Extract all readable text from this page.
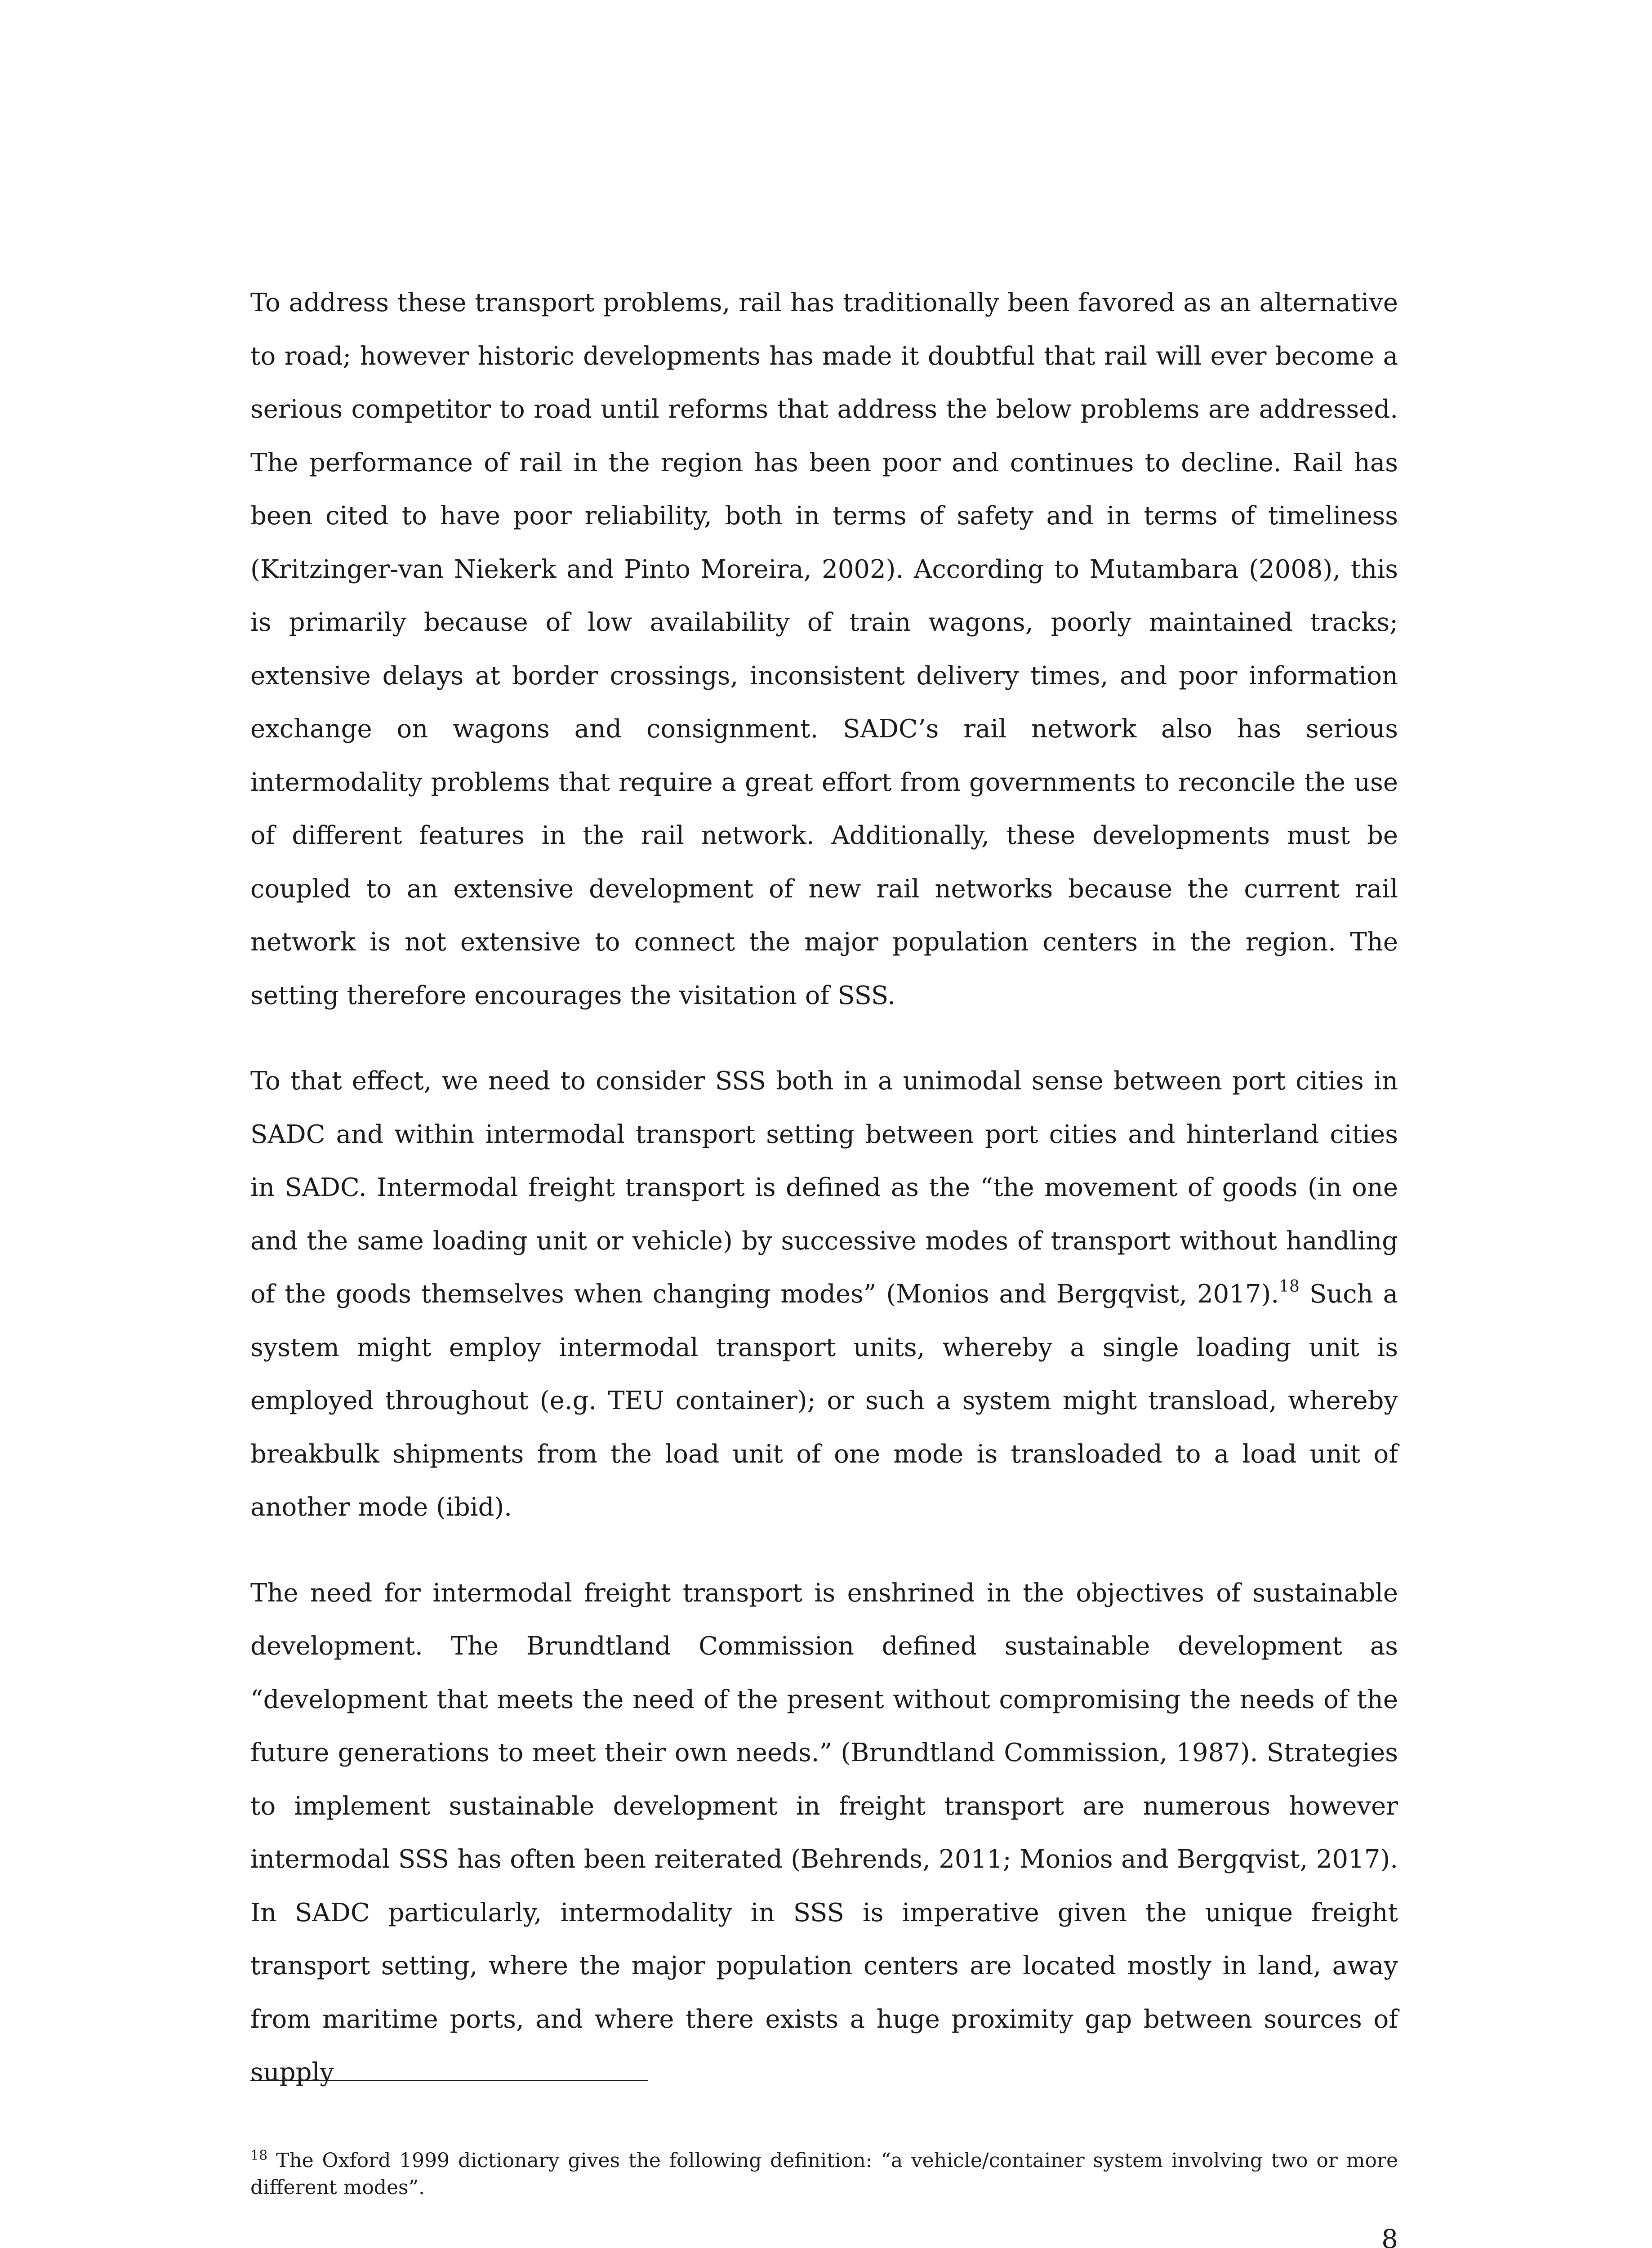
To address these transport problems, rail has traditionally been favored as an alternative to road; however historic developments has made it doubtful that rail will ever become a serious competitor to road until reforms that address the below problems are addressed. The performance of rail in the region has been poor and continues to decline. Rail has been cited to have poor reliability, both in terms of safety and in terms of timeliness (Kritzinger-van Niekerk and Pinto Moreira, 2002). According to Mutambara (2008), this is primarily because of low availability of train wagons, poorly maintained tracks; extensive delays at border crossings, inconsistent delivery times, and poor information exchange on wagons and consignment. SADC’s rail network also has serious intermodality problems that require a great effort from governments to reconcile the use of different features in the rail network. Additionally, these developments must be coupled to an extensive development of new rail networks because the current rail network is not extensive to connect the major population centers in the region. The setting therefore encourages the visitation of SSS.

To that effect, we need to consider SSS both in a unimodal sense between port cities in SADC and within intermodal transport setting between port cities and hinterland cities in SADC. Intermodal freight transport is defined as the “the movement of goods (in one and the same loading unit or vehicle) by successive modes of transport without handling of the goods themselves when changing modes” (Monios and Bergqvist, 2017).$^{18}$ Such a system might employ intermodal transport units, whereby a single loading unit is employed throughout (e.g. TEU container); or such a system might transload, whereby breakbulk shipments from the load unit of one mode is transloaded to a load unit of another mode (ibid).

The need for intermodal freight transport is enshrined in the objectives of sustainable development. The Brundtland Commission defined sustainable development as “development that meets the need of the present without compromising the needs of the future generations to meet their own needs.” (Brundtland Commission, 1987). Strategies to implement sustainable development in freight transport are numerous however intermodal SSS has often been reiterated (Behrends, 2011; Monios and Bergqvist, 2017). In SADC particularly, intermodality in SSS is imperative given the unique freight transport setting, where the major population centers are located mostly in land, away from maritime ports, and where there exists a huge proximity gap between sources of supply

$^{18}$ The Oxford 1999 dictionary gives the following definition: “a vehicle/container system involving two or more different modes”.

8
